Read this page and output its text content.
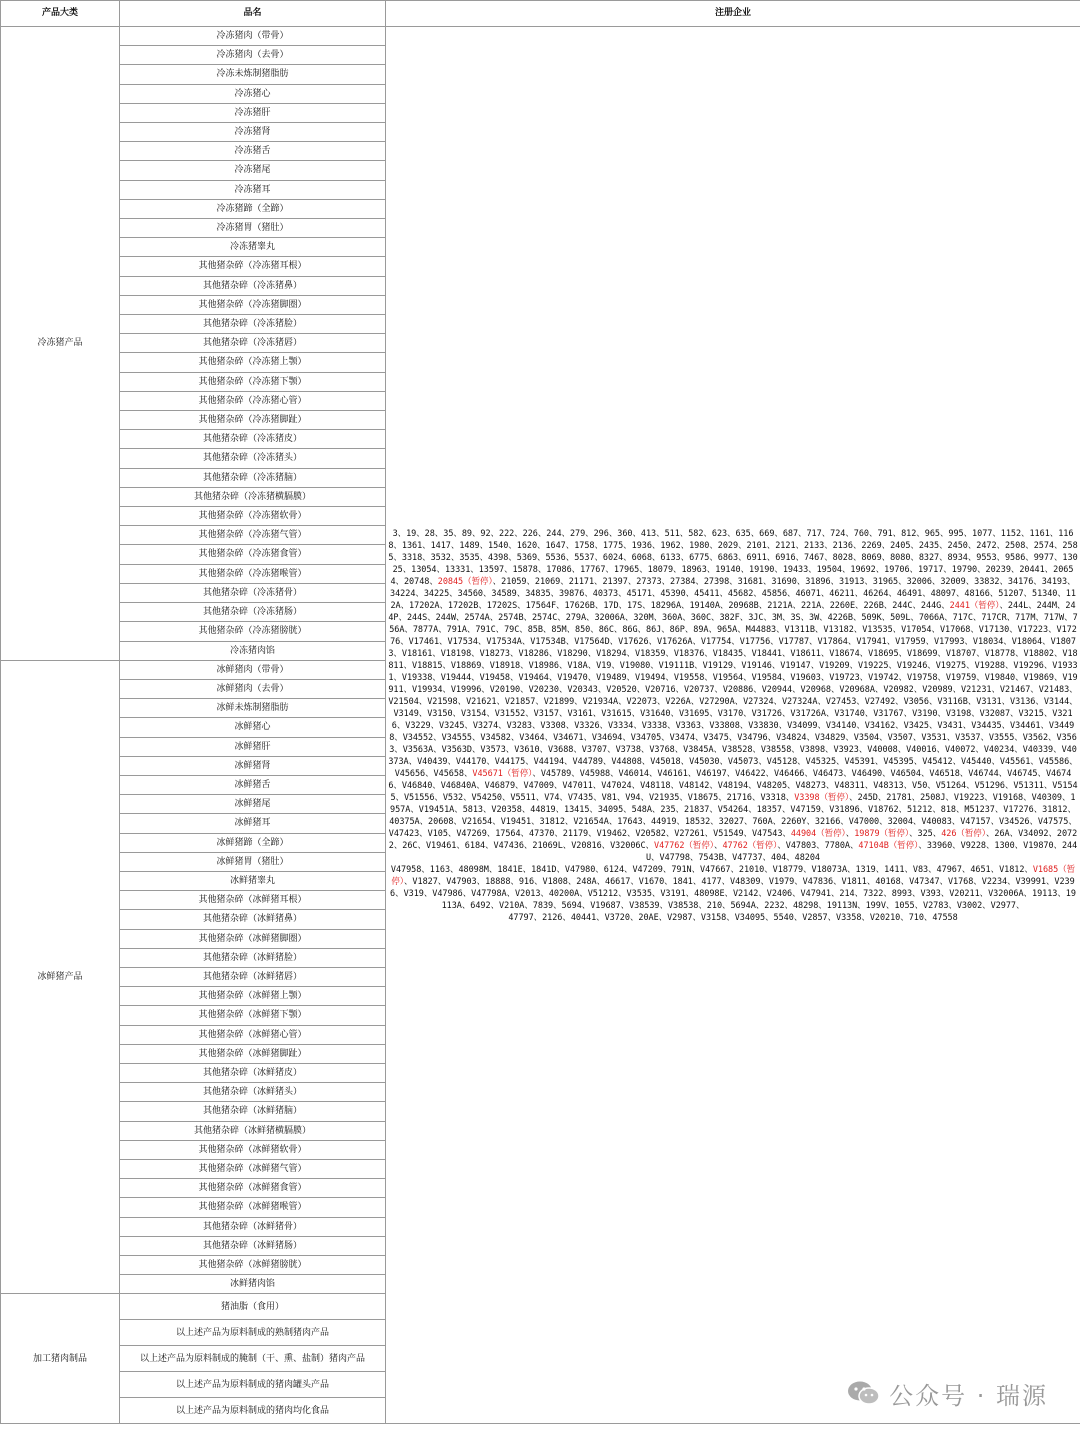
产品大类	品名	注册企业
冷冻猪产品	冷冻猪肉（带骨）	3、19、28、35、89、92、222、226、244、279、296、360、413、511、582、623、635、669、687、717、724、760、791、812、965、995、1077、1152、1161、1168、1361、1417、1489、1540、1620、1647、1758、1775、1936、1962、1980、2029、2101、2121、2133、2136、2269、2405、2435、2450、2472、2508、2574、2585、3318、3532、3535、4398、5369、5536、5537、6024、6068、6133、6775、6863、6911、6916、7467、8028、8069、8080、8327、8934、9553、9586、9977、13025、13054、13331、13597、15878、17086、17767、17965、18079、18963、19140、19190、19433、19504、19692、19706、19717、19790、20239、20441、20654、20748、20845（暂停）、21059、21069、21171、21397、27373、27384、27398、31681、31690、31896、31913、31965、32006、32009、33832、34176、34193、34224、34225、34560、34589、34835、39876、40373、45171、45390、45411、45682、45856、46071、46211、46264、46491、48097、48166、51207、51340、112A、17202A、17202B、17202S、17564F、17626B、17D、17S、18296A、19140A、20968B、2121A、221A、2260E、226B、244C、244G、2441（暂停）、244L、244M、244P、244S、244W、2574A、2574B、2574C、279A、32006A、320M、360A、360C、382F、3JC、3M、3S、3W、4226B、509K、509L、7066A、717C、717CR、717M、717W、756A、7877A、791A、791C、79C、85B、85M、850、86C、86G、86J、86P、89A、965A、M44883、V1311B、V13182、V13535、V17054、V17068、V17130、V17223、V17276、V17461、V17534、V17534A、V17534B、V17564D、V17626、V17626A、V17754、V17756、V17787、V17864、V17941、V17959、V17993、V18034、V18064、V18073、V18161、V18198、V18273、V18286、V18290、V18294、V18359、V18376、V18435、V18441、V18611、V18674、V18695、V18699、V18707、V18778、V18802、V18811、V18815、V18869、V18918、V18986、V18A、V19、V19080、V19111B、V19129、V19146、V19147、V19209、V19225、V19246、V19275、V19288、V19296、V19331、V19338、V19444、V19458、V19464、V19470、V19489、V19494、V19558、V19564、V19584、V19603、V19723、V19742、V19758、V19759、V19840、V19869、V19911、V19934、V19996、V20190、V20230、V20343、V20520、V20716、V20737、V20886、V20944、V20968、V20968A、V20982、V20989、V21231、V21467、V21483、V21504、V21598、V21621、V21857、V21899、V21934A、V22073、V226A、V27290A、V27324、V27324A、V27453、V27492、V3056、V3116B、V3131、V3136、V3144、V3149、V3150、V3154、V31552、V3157、V3161、V31615、V31640、V31695、V3170、V31726、V31726A、V31740、V31767、V3190、V3198、V32087、V3215、V3216、V3229、V3245、V3274、V3283、V3308、V3326、V3334、V3338、V3363、V33808、V33830、V34099、V34140、V34162、V3425、V3431、V34435、V34461、V34498、V34552、V34555、V34582、V3464、V34671、V34694、V34705、V3474、V3475、V34796、V34824、V34829、V3504、V3507、V3531、V3537、V3555、V3562、V3563、V3563A、V3563D、V3573、V3610、V3688、V3707、V3738、V3768、V3845A、V38528、V38558、V3898、V3923、V40008、V40016、V40072、V40234、V40339、V40373A、V40439、V44170、V44175、V44194、V44789、V44808、V45018、V45030、V45073、V45128、V45325、V45391、V45395、V45412、V45440、V45561、V45586、V45656、V45658、V45671（暂停）、V45789、V45988、V46014、V46161、V46197、V46422、V46466、V46473、V46490、V46504、V46518、V46744、V46745、V46746、V46840、V46840A、V46879、V47009、V47011、V47024、V48118、V48142、V48194、V48205、V48273、V48311、V48313、V50、V51264、V51296、V51311、V51545、V51556、V532、V54250、V5511、V74、V7435、V81、V94、V21935、V18675、21716、V3318、V3398（暂停）、245D、21781、2508J、V19223、V19168、V40309、1957A、V19451A、5813、V20358、44819、13415、34095、548A、235、21837、V54264、18357、V47159、V31896、V18762、51212、818、M51237、V17276、31812、40375A、20608、V21654、V19451、31812、V21654A、17643、44919、18532、32027、760A、2260Y、32166、V47000、32004、V40083、V47157、V34526、V47575、V47423、V105、V47269、17564、47370、21179、V19462、V20582、V27261、V51549、V47543、44904（暂停）、19879（暂停）、325、426（暂停）、26A、V34092、20722、26C、V19461、6184、V47436、21069L、V20816、V32006C、V47762（暂停）、47762（暂停）、V47803、7780A、47104B（暂停）、33960、V9228、1300、V19870、244U、V47798、7543B、V47737、404、48204
V47958、1163、48098M、1841E、1841D、V47980、6124、V47209、791N、V47667、21010、V18779、V18073A、1319、1411、V83、47967、4651、V1812、V1685（暂停）、V1827、V47903、18888、916、V1808、248A、46617、V1670、1841、4177、V48309、V1979、V47836、V1811、40168、V47347、V1768、V2234、V39991、V2396、V319、V47986、V47798A、V2013、40200A、V51212、V3535、V3191、48098E、V2142、V2406、V47941、214、7322、8993、V393、V20211、V32006A、19113、19113A、6492、V210A、7839、5694、V19687、V38539、V38538、210、5694A、2232、48298、19113N、199V、1055、V2783、V3002、V2977、
47797、2126、40441、V3720、20AE、V2987、V3158、V34095、5540、V2857、V3358、V20210、710、47558

	冷冻猪肉（去骨）	
	冷冻未炼制猪脂肪	
	冷冻猪心	
	冷冻猪肝	
	冷冻猪肾	
	冷冻猪舌	
	冷冻猪尾	
	冷冻猪耳	
	冷冻猪蹄（全蹄）	
	冷冻猪胃（猪肚）	
	冷冻猪睾丸	
	其他猪杂碎（冷冻猪耳根）	
	其他猪杂碎（冷冻猪鼻）	
	其他猪杂碎（冷冻猪脚圈）	
	其他猪杂碎（冷冻猪脸）	
	其他猪杂碎（冷冻猪唇）	
	其他猪杂碎（冷冻猪上颚）	
	其他猪杂碎（冷冻猪下颚）	
	其他猪杂碎（冷冻猪心管）	
	其他猪杂碎（冷冻猪脚趾）	
	其他猪杂碎（冷冻猪皮）	
	其他猪杂碎（冷冻猪头）	
	其他猪杂碎（冷冻猪脑）	
	其他猪杂碎（冷冻猪横膈膜）	
	其他猪杂碎（冷冻猪软骨）	
	其他猪杂碎（冷冻猪气管）	
	其他猪杂碎（冷冻猪食管）	
	其他猪杂碎（冷冻猪喉管）	
	其他猪杂碎（冷冻猪骨）	
	其他猪杂碎（冷冻猪肠）	
	其他猪杂碎（冷冻猪膀胱）	
	冷冻猪肉馅	
冰鲜猪产品	冰鲜猪肉（带骨）	
	冰鲜猪肉（去骨）	
	冰鲜未炼制猪脂肪	
	冰鲜猪心	
	冰鲜猪肝	
	冰鲜猪肾	
	冰鲜猪舌	
	冰鲜猪尾	
	冰鲜猪耳	
	冰鲜猪蹄（全蹄）	
	冰鲜猪胃（猪肚）	
	冰鲜猪睾丸	
	其他猪杂碎（冰鲜猪耳根）	
	其他猪杂碎（冰鲜猪鼻）	
	其他猪杂碎（冰鲜猪脚圈）	
	其他猪杂碎（冰鲜猪脸）	
	其他猪杂碎（冰鲜猪唇）	
	其他猪杂碎（冰鲜猪上颚）	
	其他猪杂碎（冰鲜猪下颚）	
	其他猪杂碎（冰鲜猪心管）	
	其他猪杂碎（冰鲜猪脚趾）	
	其他猪杂碎（冰鲜猪皮）	
	其他猪杂碎（冰鲜猪头）	
	其他猪杂碎（冰鲜猪脑）	
	其他猪杂碎（冰鲜猪横膈膜）	
	其他猪杂碎（冰鲜猪软骨）	
	其他猪杂碎（冰鲜猪气管）	
	其他猪杂碎（冰鲜猪食管）	
	其他猪杂碎（冰鲜猪喉管）	
	其他猪杂碎（冰鲜猪骨）	
	其他猪杂碎（冰鲜猪肠）	
	其他猪杂碎（冰鲜猪膀胱）	
	冰鲜猪肉馅	
加工猪肉制品	猪油脂（食用）	
	以上述产品为原料制成的熟制猪肉产品	
	以上述产品为原料制成的腌制（干、熏、盐制）猪肉产品	
	以上述产品为原料制成的猪肉罐头产品	
	以上述产品为原料制成的猪肉均化食品	
公众号 · 瑞源
